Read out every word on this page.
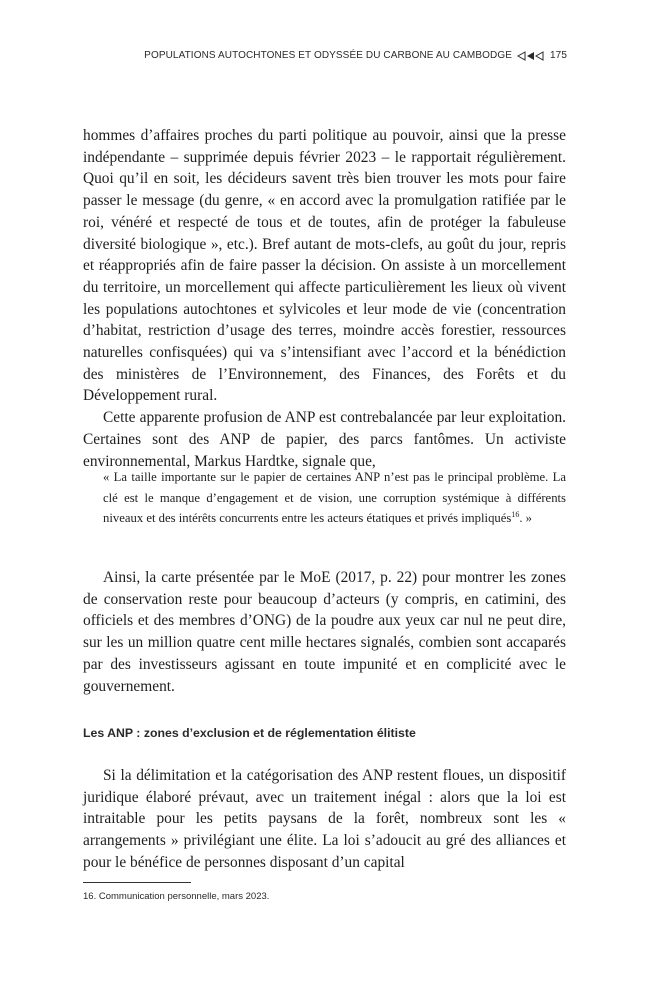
POPULATIONS AUTOCHTONES ET ODYSSÉE DU CARBONE AU CAMBODGE	175

hommes d’affaires proches du parti politique au pouvoir, ainsi que la presse indépendante – supprimée depuis février 2023 – le rapportait régulièrement. Quoi qu’il en soit, les décideurs savent très bien trouver les mots pour faire passer le message (du genre, « en accord avec la promulgation ratifiée par le roi, vénéré et respecté de tous et de toutes, afin de protéger la fabuleuse diversité biologique », etc.). Bref autant de mots-clefs, au goût du jour, repris et réappropriés afin de faire passer la décision. On assiste à un morcellement du territoire, un morcellement qui affecte particulièrement les lieux où vivent les populations autochtones et sylvicoles et leur mode de vie (concentration d’habitat, restriction d’usage des terres, moindre accès forestier, ressources naturelles confisquées) qui va s’intensifiant avec l’accord et la bénédiction des ministères de l’Environnement, des Finances, des Forêts et du Développement rural.

Cette apparente profusion de ANP est contrebalancée par leur exploitation. Certaines sont des ANP de papier, des parcs fantômes. Un activiste environnemental, Markus Hardtke, signale que,

« La taille importante sur le papier de certaines ANP n’est pas le principal problème. La clé est le manque d’engagement et de vision, une corruption systémique à différents niveaux et des intérêts concurrents entre les acteurs étatiques et privés impliqués$^{16}$. »

Ainsi, la carte présentée par le MoE (2017, p. 22) pour montrer les zones de conservation reste pour beaucoup d’acteurs (y compris, en catimini, des officiels et des membres d’ONG) de la poudre aux yeux car nul ne peut dire, sur les un million quatre cent mille hectares signalés, combien sont accaparés par des investisseurs agissant en toute impunité et en complicité avec le gouvernement.

Les ANP : zones d’exclusion et de réglementation élitiste

Si la délimitation et la catégorisation des ANP restent floues, un dispositif juridique élaboré prévaut, avec un traitement inégal : alors que la loi est intraitable pour les petits paysans de la forêt, nombreux sont les « arrangements » privilégiant une élite. La loi s’adoucit au gré des alliances et pour le bénéfice de personnes disposant d’un capital

16. Communication personnelle, mars 2023.
